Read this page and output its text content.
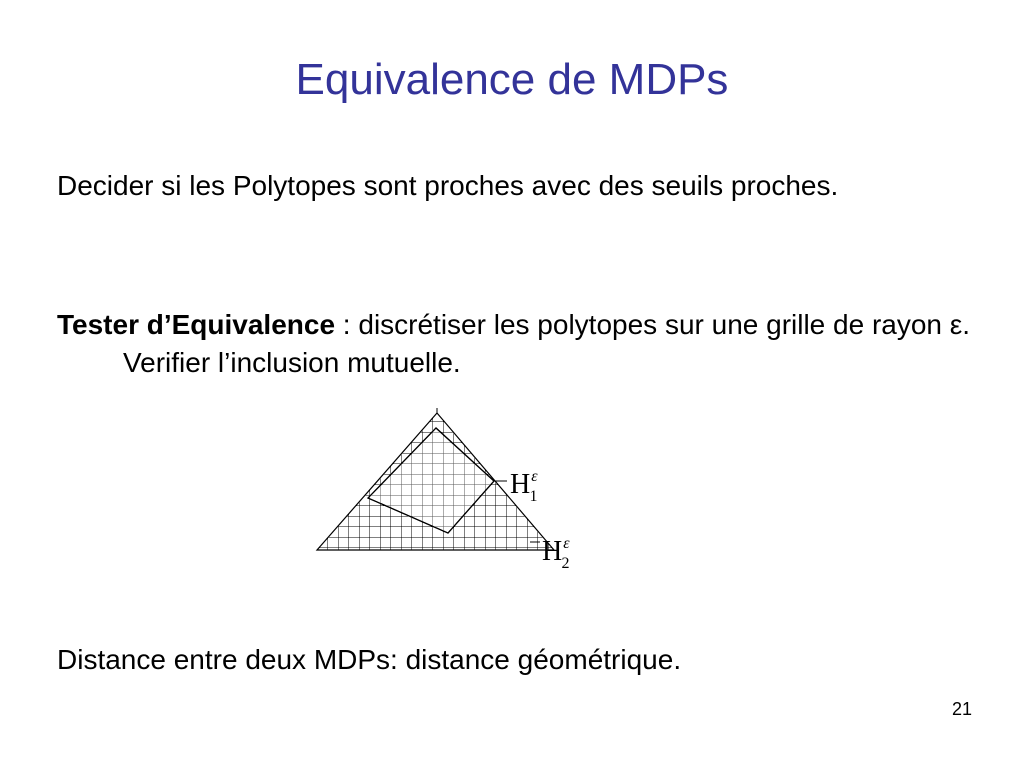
Equivalence de MDPs
Decider si les Polytopes sont proches avec des seuils proches.
Tester d’Equivalence : discrétiser les polytopes sur une grille de rayon ε. Verifier l’inclusion mutuelle.
$H^\varepsilon$ 1
$H^\varepsilon$ 2
Distance entre deux MDPs: distance géométrique.
21
